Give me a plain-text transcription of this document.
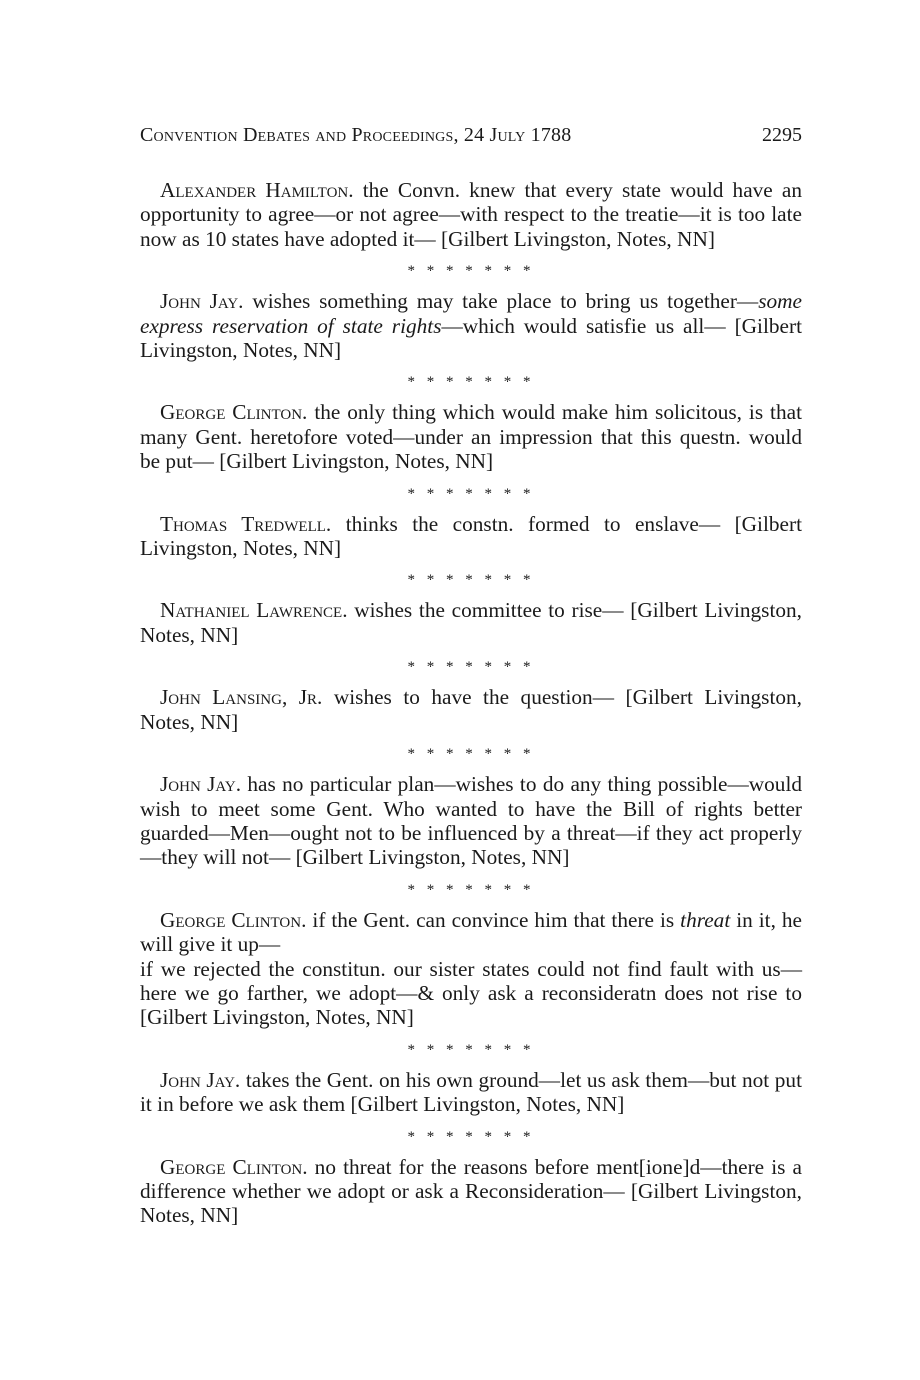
Convention Debates and Proceedings, 24 July 1788	2295

Alexander Hamilton. the Convn. knew that every state would have an opportunity to agree—or not agree—with respect to the treatie—it is too late now as 10 states have adopted it— [Gilbert Livingston, Notes, NN]

* * * * * * *

John Jay. wishes something may take place to bring us together—some express reservation of state rights—which would satisfie us all— [Gilbert Livingston, Notes, NN]

* * * * * * *

George Clinton. the only thing which would make him solicitous, is that many Gent. heretofore voted—under an impression that this questn. would be put— [Gilbert Livingston, Notes, NN]

* * * * * * *

Thomas Tredwell. thinks the constn. formed to enslave— [Gilbert Livingston, Notes, NN]

* * * * * * *

Nathaniel Lawrence. wishes the committee to rise— [Gilbert Livingston, Notes, NN]

* * * * * * *

John Lansing, Jr. wishes to have the question— [Gilbert Livingston, Notes, NN]

* * * * * * *

John Jay. has no particular plan—wishes to do any thing possible—would wish to meet some Gent. Who wanted to have the Bill of rights better guarded—Men—ought not to be influenced by a threat—if they act properly—they will not— [Gilbert Livingston, Notes, NN]

* * * * * * *

George Clinton. if the Gent. can convince him that there is threat in it, he will give it up—

if we rejected the constitun. our sister states could not find fault with us—here we go farther, we adopt—& only ask a reconsideratn does not rise to [Gilbert Livingston, Notes, NN]

* * * * * * *

John Jay. takes the Gent. on his own ground—let us ask them—but not put it in before we ask them [Gilbert Livingston, Notes, NN]

* * * * * * *

George Clinton. no threat for the reasons before ment[ione]d—there is a difference whether we adopt or ask a Reconsideration— [Gilbert Livingston, Notes, NN]
